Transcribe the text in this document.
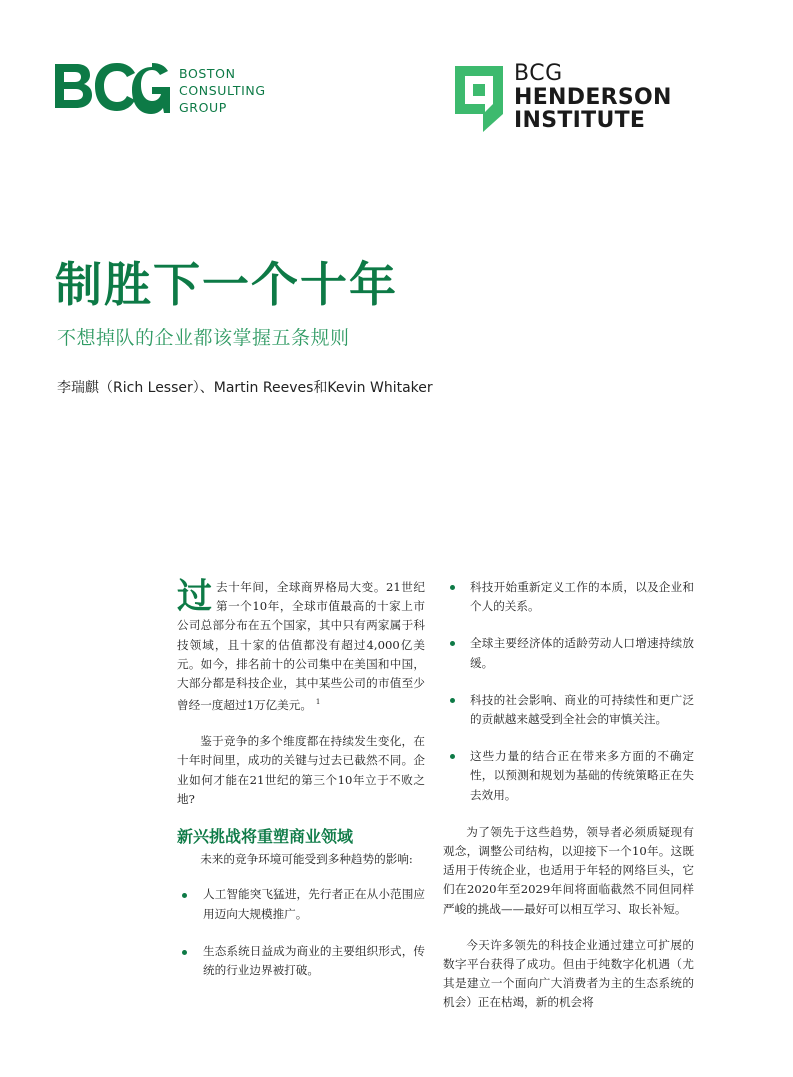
BOSTON
CONSULTING
GROUP
BCG
HENDERSON
INSTITUTE
制胜下一个十年
不想掉队的企业都该掌握五条规则
李瑞麒（Rich Lesser）、Martin Reeves和Kevin Whitaker

过去十年间，全球商界格局大变。21世纪第一个10年，全球市值最高的十家上市公司总部分布在五个国家，其中只有两家属于科技领域，且十家的估值都没有超过4,000亿美元。如今，排名前十的公司集中在美国和中国，大部分都是科技企业，其中某些公司的市值至少曾经一度超过1万亿美元。 $^1$

鉴于竞争的多个维度都在持续发生变化，在十年时间里，成功的关键与过去已截然不同。企业如何才能在21世纪的第三个10年立于不败之地?

新兴挑战将重塑商业领域

未来的竞争环境可能受到多种趋势的影响:

人工智能突飞猛进，先行者正在从小范围应用迈向大规模推广。
生态系统日益成为商业的主要组织形式，传统的行业边界被打破。
科技开始重新定义工作的本质，以及企业和个人的关系。
全球主要经济体的适龄劳动人口增速持续放缓。
科技的社会影响、商业的可持续性和更广泛的贡献越来越受到全社会的审慎关注。
这些力量的结合正在带来多方面的不确定性，以预测和规划为基础的传统策略正在失去效用。

为了领先于这些趋势，领导者必须质疑现有观念，调整公司结构，以迎接下一个10年。这既适用于传统企业，也适用于年轻的网络巨头，它们在2020年至2029年间将面临截然不同但同样严峻的挑战——最好可以相互学习、取长补短。

今天许多领先的科技企业通过建立可扩展的数字平台获得了成功。但由于纯数字化机遇（尤其是建立一个面向广大消费者为主的生态系统的机会）正在枯竭，新的机会将
